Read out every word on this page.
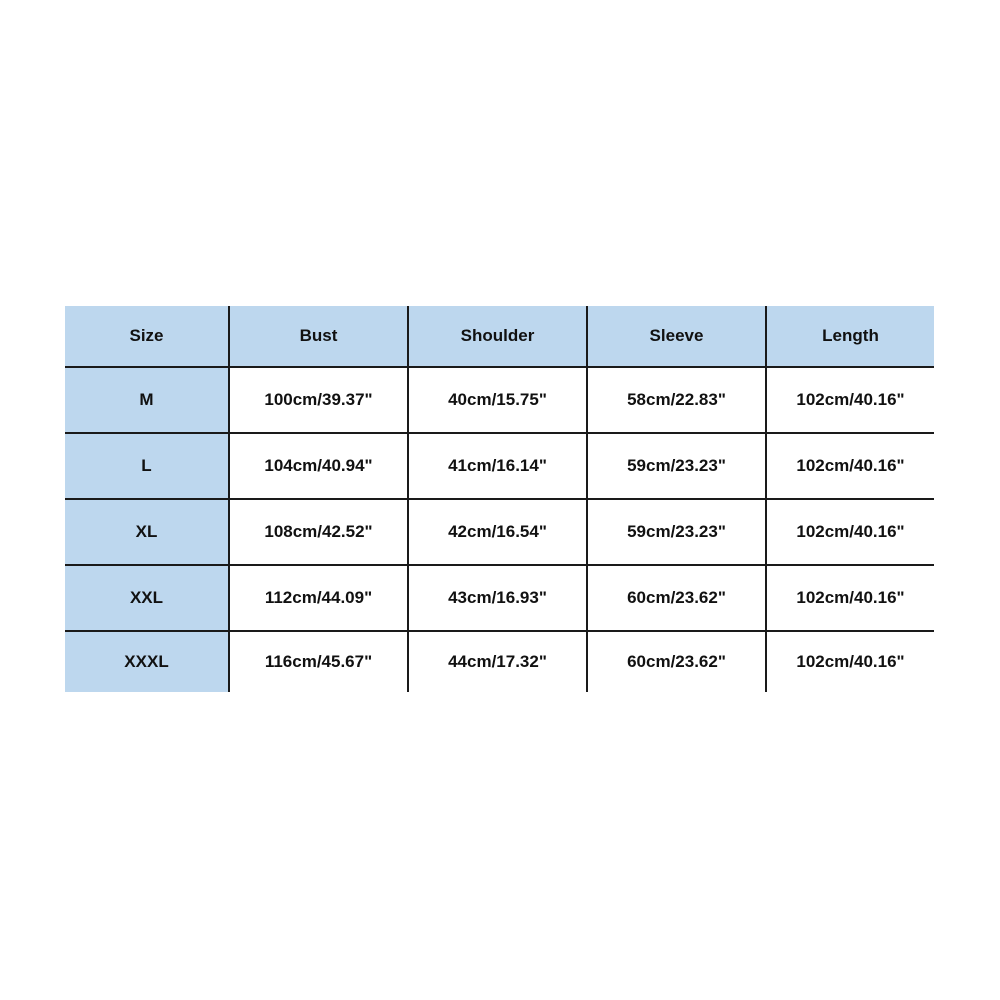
Size	Bust	Shoulder	Sleeve	Length
M	100cm/39.37"	40cm/15.75"	58cm/22.83"	102cm/40.16"
L	104cm/40.94"	41cm/16.14"	59cm/23.23"	102cm/40.16"
XL	108cm/42.52"	42cm/16.54"	59cm/23.23"	102cm/40.16"
XXL	112cm/44.09"	43cm/16.93"	60cm/23.62"	102cm/40.16"
XXXL	116cm/45.67"	44cm/17.32"	60cm/23.62"	102cm/40.16"
